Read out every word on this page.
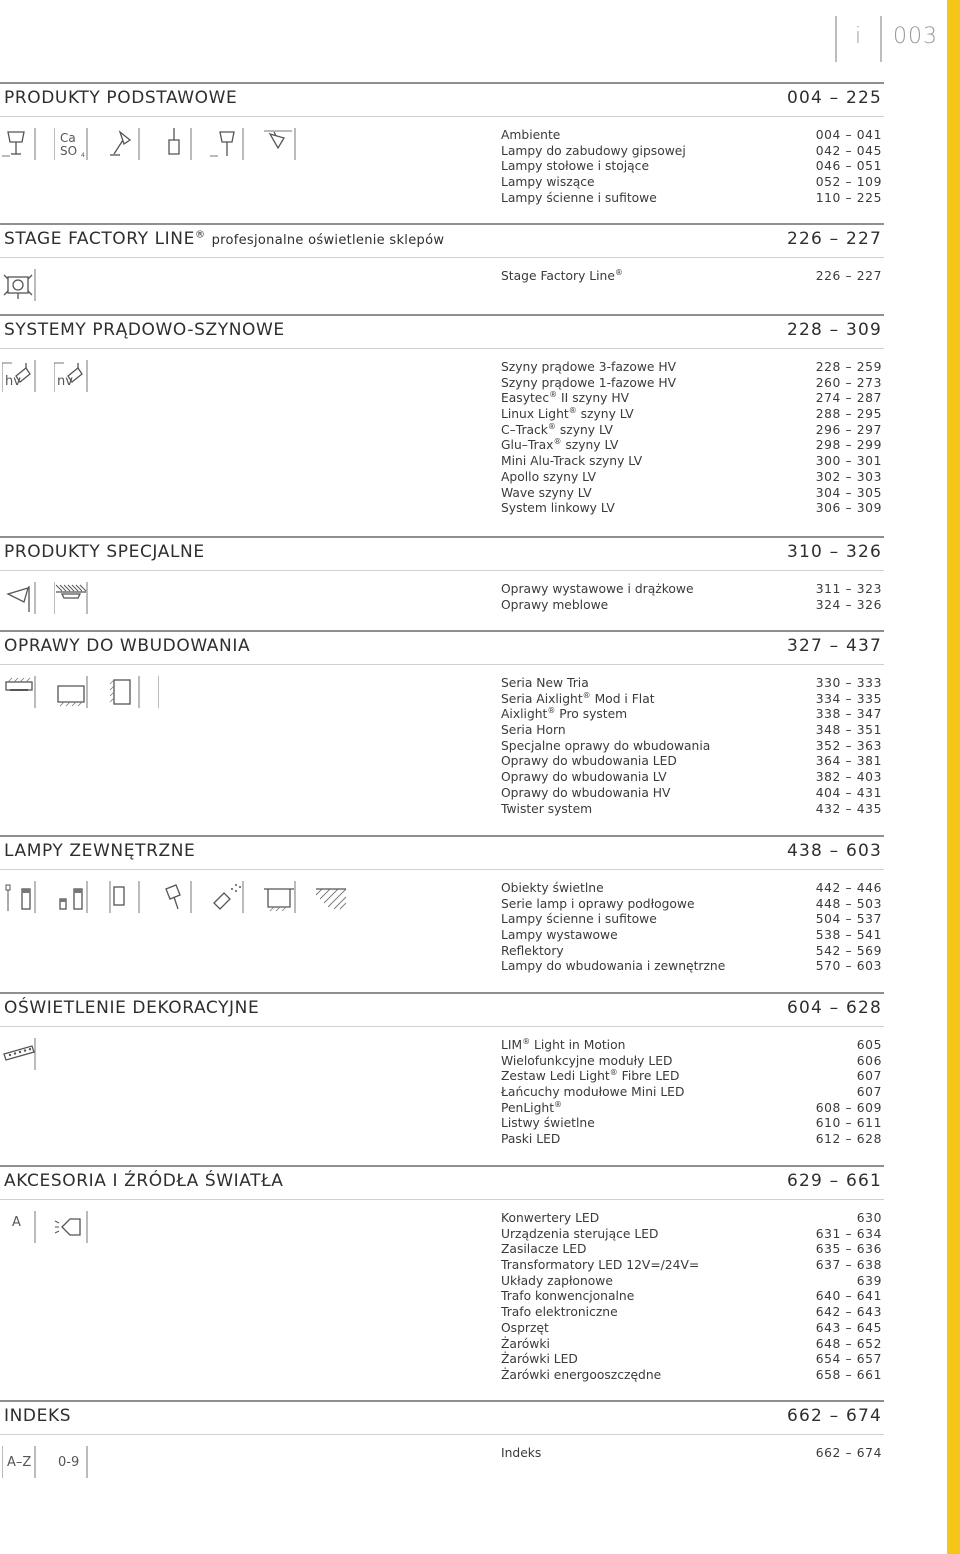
i	003
PRODUKTY PODSTAWOWE	004 – 225
Ca
SO 4
Ambiente	004 – 041
Lampy do zabudowy gipsowej	042 – 045
Lampy stołowe i stojące	046 – 051
Lampy wiszące	052 – 109
Lampy ścienne i sufitowe	110 – 225
STAGE FACTORY LINE® profesjonalne oświetlenie sklepów	226 – 227
Stage Factory Line®	226 – 227
SYSTEMY PRĄDOWO-SZYNOWE	228 – 309
hv	nv
Szyny prądowe 3-fazowe HV	228 – 259
Szyny prądowe 1-fazowe HV	260 – 273
Easytec® II szyny HV	274 – 287
Linux Light® szyny LV	288 – 295
C–Track® szyny LV	296 – 297
Glu–Trax® szyny LV	298 – 299
Mini Alu-Track szyny LV	300 – 301
Apollo szyny LV	302 – 303
Wave szyny LV	304 – 305
System linkowy LV	306 – 309
PRODUKTY SPECJALNE	310 – 326
Oprawy wystawowe i drążkowe	311 – 323
Oprawy meblowe	324 – 326
OPRAWY DO WBUDOWANIA	327 – 437
Seria New Tria	330 – 333
Seria Aixlight® Mod i Flat	334 – 335
Aixlight® Pro system	338 – 347
Seria Horn	348 – 351
Specjalne oprawy do wbudowania	352 – 363
Oprawy do wbudowania LED	364 – 381
Oprawy do wbudowania LV	382 – 403
Oprawy do wbudowania HV	404 – 431
Twister system	432 – 435
LAMPY ZEWNĘTRZNE	438 – 603
Obiekty świetlne	442 – 446
Serie lamp i oprawy podłogowe	448 – 503
Lampy ścienne i sufitowe	504 – 537
Lampy wystawowe	538 – 541
Reflektory	542 – 569
Lampy do wbudowania i zewnętrzne	570 – 603
OŚWIETLENIE DEKORACYJNE	604 – 628
LIM® Light in Motion	605
Wielofunkcyjne moduły LED	606
Zestaw Ledi Light® Fibre LED	607
Łańcuchy modułowe Mini LED	607
PenLight®	608 – 609
Listwy świetlne	610 – 611
Paski LED	612 – 628
AKCESORIA I ŹRÓDŁA ŚWIATŁA	629 – 661
A	Konwertery LED	630
Urządzenia sterujące LED	631 – 634
Zasilacze LED	635 – 636
Transformatory LED 12V=/24V=	637 – 638
Układy zapłonowe	639
Trafo konwencjonalne	640 – 641
Trafo elektroniczne	642 – 643
Osprzęt	643 – 645
Żarówki	648 – 652
Żarówki LED	654 – 657
Żarówki energooszczędne	658 – 661
INDEKS	662 – 674
A–Z 0-9
Indeks	662 – 674
